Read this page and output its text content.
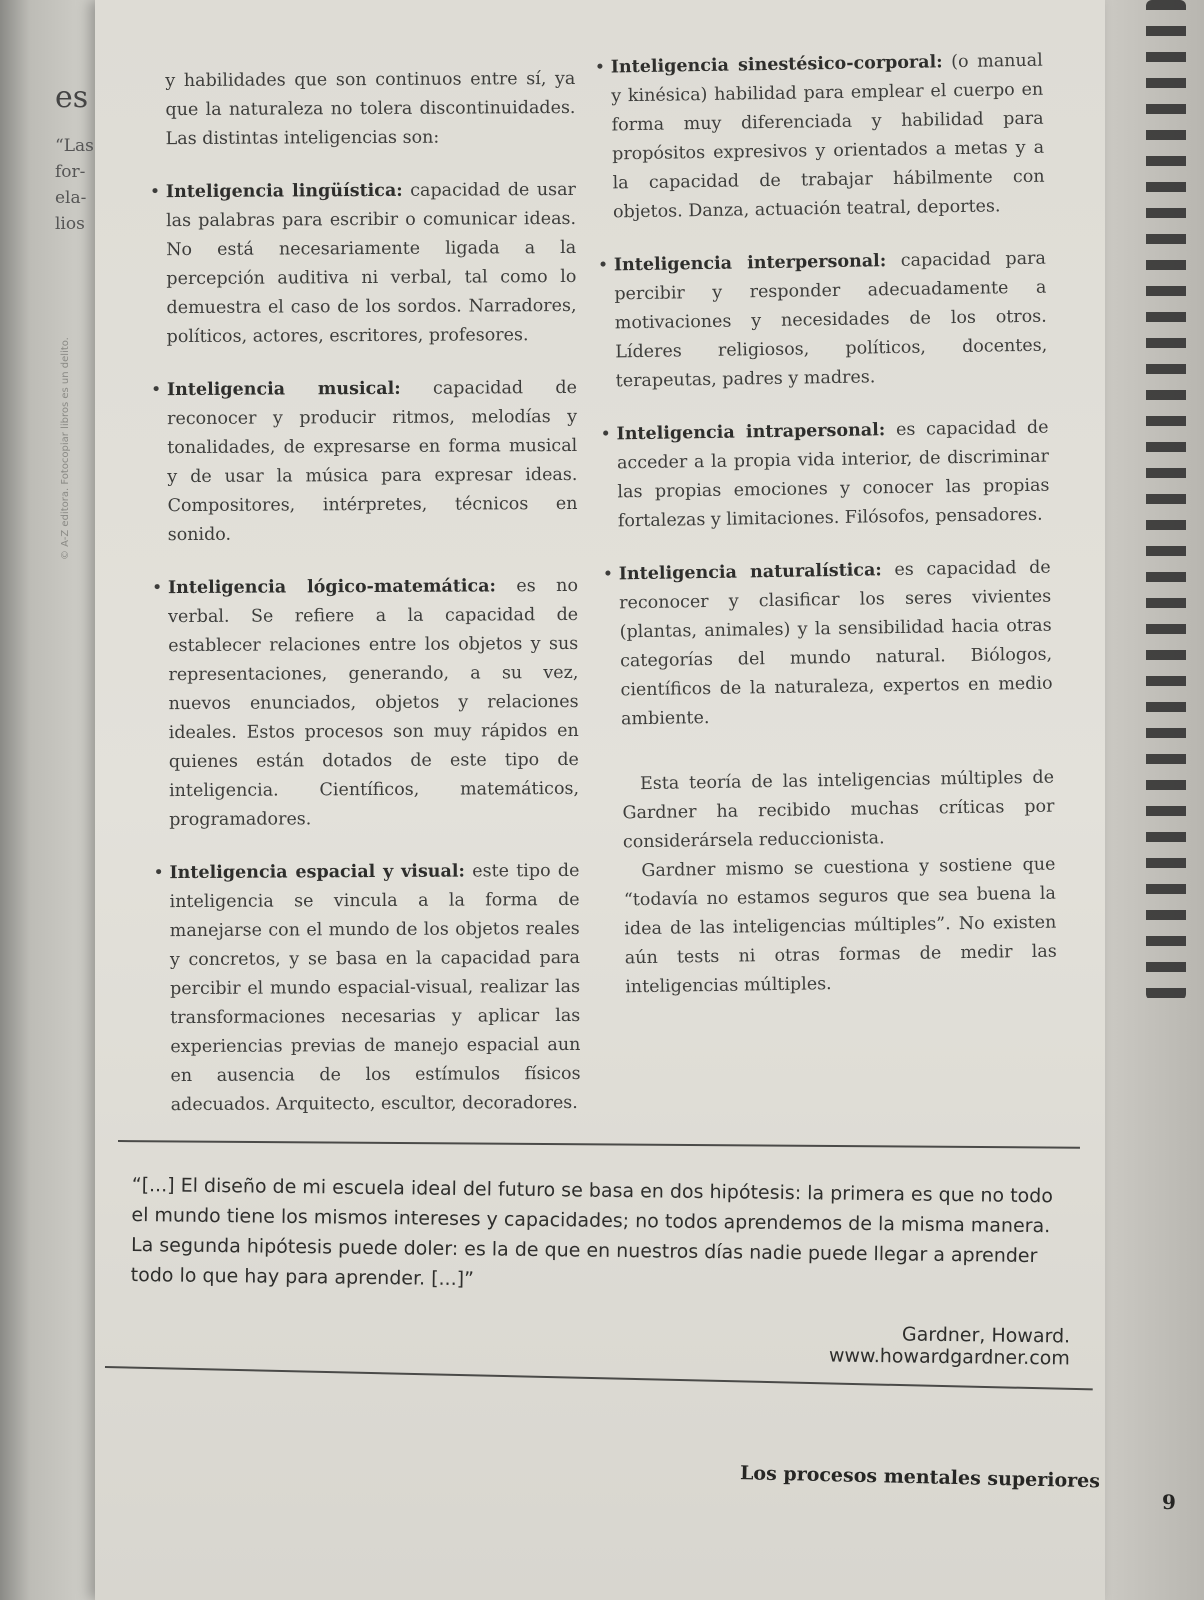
es
“Las
for-
ela-
lios
© A-Z editora. Fotocopiar libros es un delito.

y habilidades que son continuos entre sí, ya que la naturaleza no tolera discontinuidades. Las distintas inteligencias son:

• Inteligencia lingüística: capacidad de usar las palabras para escribir o comunicar ideas. No está necesariamente ligada a la percepción auditiva ni verbal, tal como lo demuestra el caso de los sordos. Narradores, políticos, actores, escritores, profesores.
• Inteligencia musical: capacidad de reconocer y producir ritmos, melodías y tonalidades, de expresarse en forma musical y de usar la música para expresar ideas. Compositores, intérpretes, técnicos en sonido.
• Inteligencia lógico-matemática: es no verbal. Se refiere a la capacidad de establecer relaciones entre los objetos y sus representaciones, generando, a su vez, nuevos enunciados, objetos y relaciones ideales. Estos procesos son muy rápidos en quienes están dotados de este tipo de inteligencia. Científicos, matemáticos, programadores.
• Inteligencia espacial y visual: este tipo de inteligencia se vincula a la forma de manejarse con el mundo de los objetos reales y concretos, y se basa en la capacidad para percibir el mundo espacial-visual, realizar las transformaciones necesarias y aplicar las experiencias previas de manejo espacial aun en ausencia de los estímulos físicos adecuados. Arquitecto, escultor, decoradores.
• Inteligencia sinestésico-corporal: (o manual y kinésica) habilidad para emplear el cuerpo en forma muy diferenciada y habilidad para propósitos expresivos y orientados a metas y a la capacidad de trabajar hábilmente con objetos. Danza, actuación teatral, deportes.
• Inteligencia interpersonal: capacidad para percibir y responder adecuadamente a motivaciones y necesidades de los otros. Líderes religiosos, políticos, docentes, terapeutas, padres y madres.
• Inteligencia intrapersonal: es capacidad de acceder a la propia vida interior, de discriminar las propias emociones y conocer las propias fortalezas y limitaciones. Filósofos, pensadores.
• Inteligencia naturalística: es capacidad de reconocer y clasificar los seres vivientes (plantas, animales) y la sensibilidad hacia otras categorías del mundo natural. Biólogos, científicos de la naturaleza, expertos en medio ambiente.

Esta teoría de las inteligencias múltiples de Gardner ha recibido muchas críticas por considerársela reduccionista.

Gardner mismo se cuestiona y sostiene que “todavía no estamos seguros que sea buena la idea de las inteligencias múltiples”. No existen aún tests ni otras formas de medir las inteligencias múltiples.

“[...] El diseño de mi escuela ideal del futuro se basa en dos hipótesis: la primera es que no todo el mundo tiene los mismos intereses y capacidades; no todos aprendemos de la misma manera. La segunda hipótesis puede doler: es la de que en nuestros días nadie puede llegar a aprender todo lo que hay para aprender. [...]”
Gardner, Howard. www.howardgardner.com
Los procesos mentales superiores
9
